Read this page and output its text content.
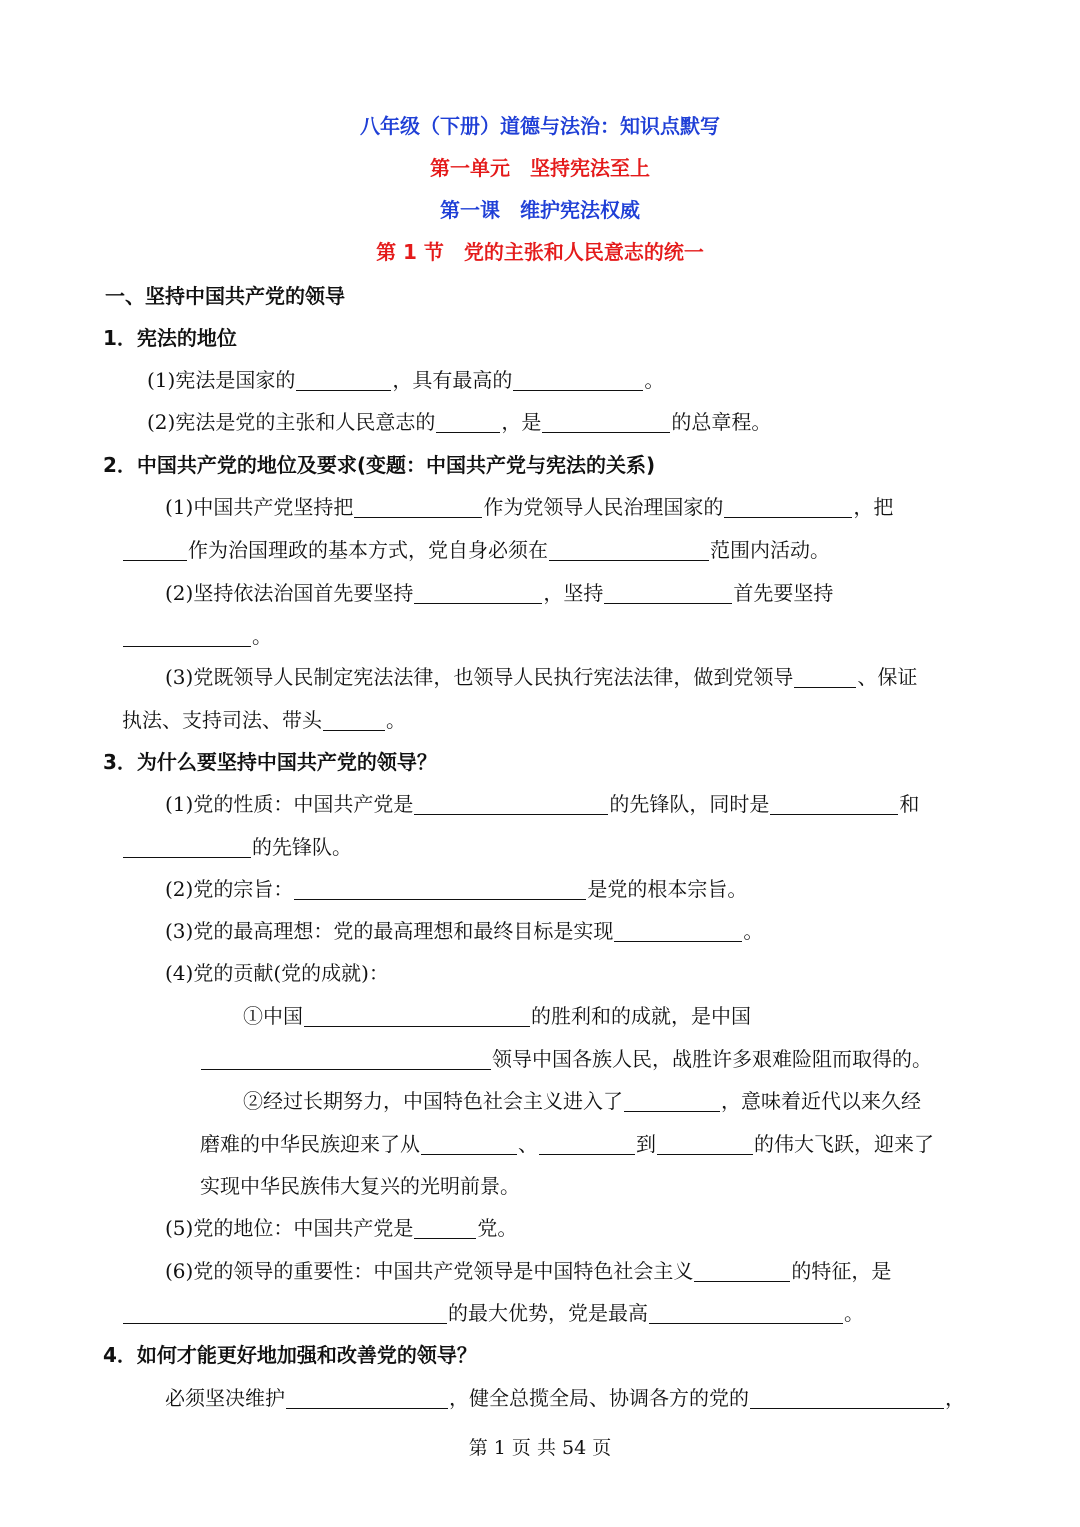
八年级（下册）道德与法治：知识点默写
第一单元　坚持宪法至上
第一课　维护宪法权威
第 1 节　党的主张和人民意志的统一
一、坚持中国共产党的领导
1．宪法的地位
(1)宪法是国家的	，具有最高的	。
(2)宪法是党的主张和人民意志的	，是	的总章程。
2．中国共产党的地位及要求(变题：中国共产党与宪法的关系)
(1)中国共产党坚持把	作为党领导人民治理国家的	，把
作为治国理政的基本方式，党自身必须在	范围内活动。
(2)坚持依法治国首先要坚持	，坚持	首先要坚持
。
(3)党既领导人民制定宪法法律，也领导人民执行宪法法律，做到党领导	、保证
执法、支持司法、带头	。
3．为什么要坚持中国共产党的领导？
(1)党的性质：中国共产党是	的先锋队，同时是	和
的先锋队。
(2)党的宗旨：	是党的根本宗旨。
(3)党的最高理想：党的最高理想和最终目标是实现	。
(4)党的贡献(党的成就)：
①中国	的胜利和的成就，是中国
领导中国各族人民，战胜许多艰难险阻而取得的。
②经过长期努力，中国特色社会主义进入了	，意味着近代以来久经
磨难的中华民族迎来了从	、	到	的伟大飞跃，迎来了
实现中华民族伟大复兴的光明前景。
(5)党的地位：中国共产党是	党。
(6)党的领导的重要性：中国共产党领导是中国特色社会主义	的特征，是
的最大优势，党是最高	。
4．如何才能更好地加强和改善党的领导？
必须坚决维护	，健全总揽全局、协调各方的党的	，
第 1 页 共 54 页
